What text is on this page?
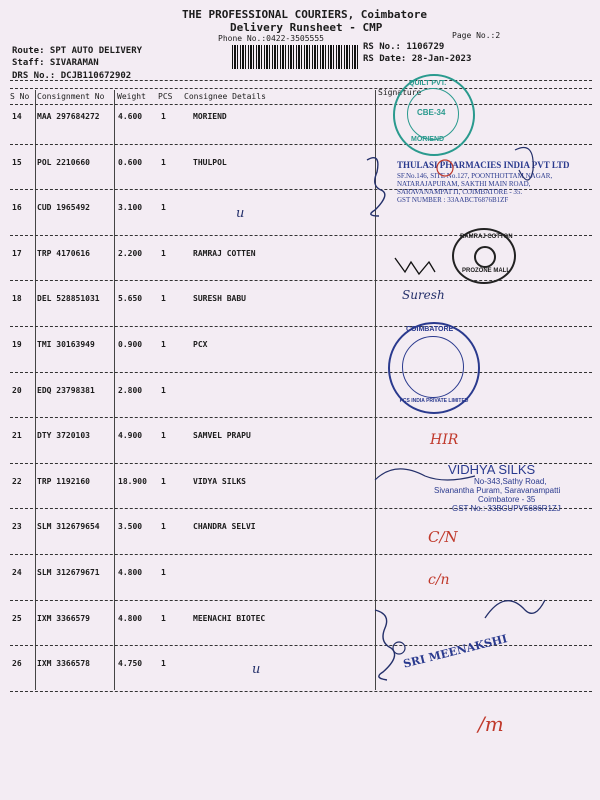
THE PROFESSIONAL COURIERS, Coimbatore
Delivery Runsheet - CMP
Phone No.:0422-3505555	Page No.:2
Route: SPT AUTO DELIVERY
Staff: SIVARAMAN
DRS No.: DCJB110672902
RS No.: 1106729
RS Date: 28-Jan-2023
S No Consignment No Weight PCS Consignee Details	Signature
14 MAA 297684272 4.600 1	MORIEND
15 POL 2210660	0.600 1	THULPOL
16 CUD 1965492	3.100 1
17 TRP 4170616	2.200 1	RAMRAJ COTTEN
18 DEL 528851031 5.650 1	SURESH BABU
19 TMI 30163949	0.900 1	PCX
20 EDQ 23798381	2.800 1
21 DTY 3720103	4.900 1	SAMVEL PRAPU
22 TRP 1192160	18.900 1	VIDYA SILKS
23 SLM 312679654 3.500 1	CHANDRA SELVI
24 SLM 312679671 4.800 1
25 IXM 3366579	4.800 1	MEENACHI BIOTEC
26 IXM 3366578	4.750 1
QUILT PVT.
CBE-34
MORIEND
THULASI PHARMACIES INDIA PVT LTD
SF.No.146, SITE No.127, POONTHOTTAM NAGAR,
NATARAJAPURAM, SAKTHI MAIN ROAD,
SARAVANAMPATTI, COIMBATORE - 35.
GST NUMBER : 33AABCT6876B1ZF
RAMRAJ COTTON
PROZONE MALL
COIMBATORE
PCS INDIA PRIVATE LIMITED
VIDHYA SILKS
No-343,Sathy Road,
Sivanantha Puram, Saravanampatti
Coimbatore - 35
GST No.: 33BCUPV5686R1ZJ
SRI MEENAKSHI
u
Suresh
HIR
C/N
c/n
u
/m
